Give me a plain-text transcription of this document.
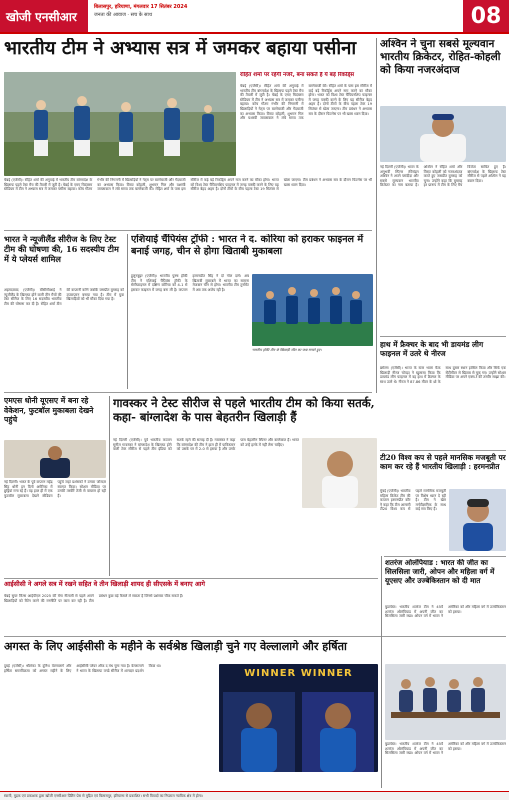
खोजी एनसीआर
बिलासपुर, हरियाणा, मंगलवार 17 सितंबर 2024
जनता की आवाज · सच के साथ	08
भारतीय टीम ने अभ्यास सत्र में जमकर बहाया पसीना
रोहित शर्मा पर रहेगी नजरें, बना सकते हैं ये बड़े रिकॉर्ड्स
चेन्नई (एजेंसी)। रोहित शर्मा की अगुवाई में भारतीय टीम बांग्लादेश के खिलाफ पहले टेस्ट मैच की तैयारी में जुटी है। चेन्नई के एमए चिदंबरम स्टेडियम में टीम ने अभ्यास सत्र में जमकर पसीना बहाया। कोच गौतम गंभीर की निगरानी में खिलाड़ियों ने नेट्स पर बल्लेबाजी और गेंदबाजी का अभ्यास किया। विराट कोहली, शुभमन गिल और यशस्वी जायसवाल ने लंबे समय तक बल्लेबाजी की। रोहित शर्मा के पास इस सीरीज में कई बड़े रिकॉर्ड्स अपने नाम करने का मौका होगा। भारत को विश्व टेस्ट चैंपियनशिप फाइनल में जगह पक्की करने के लिए यह सीरीज बेहद अहम है। दोनों टीमों के बीच पहला टेस्ट 19 सितंबर से खेला जाएगा। टीम प्रबंधन ने अभ्यास सत्र के दौरान फिटनेस पर भी खास ध्यान दिया।
चेन्नई (एजेंसी)। रोहित शर्मा की अगुवाई में भारतीय टीम बांग्लादेश के खिलाफ पहले टेस्ट मैच की तैयारी में जुटी है। चेन्नई के एमए चिदंबरम स्टेडियम में टीम ने अभ्यास सत्र में जमकर पसीना बहाया। कोच गौतम गंभीर की निगरानी में खिलाड़ियों ने नेट्स पर बल्लेबाजी और गेंदबाजी का अभ्यास किया। विराट कोहली, शुभमन गिल और यशस्वी जायसवाल ने लंबे समय तक बल्लेबाजी की। रोहित शर्मा के पास इस सीरीज में कई बड़े रिकॉर्ड्स अपने नाम करने का मौका होगा। भारत को विश्व टेस्ट चैंपियनशिप फाइनल में जगह पक्की करने के लिए यह सीरीज बेहद अहम है। दोनों टीमों के बीच पहला टेस्ट 19 सितंबर से खेला जाएगा। टीम प्रबंधन ने अभ्यास सत्र के दौरान फिटनेस पर भी खास ध्यान दिया।
अश्विन ने चुना सबसे मूल्यवान भारतीय क्रिकेटर, रोहित-कोहली को किया नजरअंदाज
नई दिल्ली (एजेंसी)। भारत के अनुभवी स्पिनर रविचंद्रन अश्विन ने अपने पसंदीदा और सबसे मूल्यवान भारतीय क्रिकेटर का नाम बताया है। अश्विन ने रोहित शर्मा और विराट कोहली को नजरअंदाज करते हुए जसप्रीत बुमराह को चुना। उन्होंने कहा कि बुमराह हर प्रारूप में टीम के लिए मैच विजेता साबित हुए हैं। बांग्लादेश के खिलाफ टेस्ट सीरीज से पहले अश्विन ने यह बयान दिया।
भारत ने न्यूजीलैंड सीरीज के लिए टेस्ट टीम की घोषणा की, 16 सदस्यीय टीम में ये प्लेयर्स शामिल
अहमदाबाद (एजेंसी)। बीसीसीआई ने न्यूजीलैंड के खिलाफ होने वाली तीन मैचों की टेस्ट सीरीज के लिए 16 सदस्यीय भारतीय टीम की घोषणा कर दी है। रोहित शर्मा टीम की कप्तानी करेंगे जबकि जसप्रीत बुमराह को उपकप्तान बनाया गया है। टीम में युवा खिलाड़ियों को भी मौका दिया गया है।
एशियाई चैंपियंस ट्रॉफी : भारत ने द. कोरिया को हराकर फाइनल में बनाई जगह, चीन से होगा खिताबी मुकाबला
हुलुनबुइर (एजेंसी)। भारतीय पुरुष हॉकी टीम ने एशियाई चैंपियंस ट्रॉफी के सेमीफाइनल में दक्षिण कोरिया को 4-1 से हराकर फाइनल में जगह बना ली है। कप्तान हरमनप्रीत सिंह ने दो गोल दागे। अब खिताबी मुकाबले में भारत का सामना मेजबान चीन से होगा। भारतीय टीम टूर्नामेंट में अब तक अजेय रही है।
भारतीय हॉकी टीम के खिलाड़ी जीत का जश्न मनाते हुए।
हाथ में फ्रैक्चर के बाद भी डायमंड लीग फाइनल में उतरे थे नीरज
ब्रसेल्स (एजेंसी)। भारत के स्टार भाला फेंक खिलाड़ी नीरज चोपड़ा ने खुलासा किया कि डायमंड लीग फाइनल में वह हाथ में फ्रैक्चर के साथ उतरे थे। नीरज ने 87.86 मीटर के थ्रो के साथ दूसरा स्थान हासिल किया और सिर्फ एक सेंटीमीटर से खिताब से चूक गए। उन्होंने सोशल मीडिया पर अपने एक्स-रे की तस्वीर साझा की।
एमएस धोनी यूएसए में बना रहे वेकेशन, फुटबॉल मुकाबला देखने पहुंचे
नई दिल्ली। भारत के पूर्व कप्तान महेंद्र सिंह धोनी इन दिनों अमेरिका में छुट्टियां मना रहे हैं। वह हाल ही में एक फुटबॉल मुकाबला देखने स्टेडियम पहुंचे जहां प्रशंसकों ने उनका जोरदार स्वागत किया। सोशल मीडिया पर उनकी तस्वीरें तेजी से वायरल हो रही हैं।
गावस्कर ने टेस्ट सीरीज से पहले भारतीय टीम को किया सतर्क, कहा- बांग्लादेश के पास बेहतरीन खिलाड़ी हैं
नई दिल्ली (एजेंसी)। पूर्व भारतीय कप्तान सुनील गावस्कर ने बांग्लादेश के खिलाफ होने वाली टेस्ट सीरीज से पहले टीम इंडिया को सतर्क रहने की सलाह दी है। गावस्कर ने कहा कि बांग्लादेश की टीम ने हाल ही में पाकिस्तान को उसके घर में 2-0 से हराया है और उनके पास बेहतरीन स्पिनर और बल्लेबाज हैं। भारत को उन्हें हल्के में नहीं लेना चाहिए।
टी20 विश्व कप से पहले मानसिक मजबूती पर काम कर रहे हैं भारतीय खिलाड़ी : हरमनप्रीत
मुंबई (एजेंसी)। भारतीय महिला क्रिकेट टीम की कप्तान हरमनप्रीत कौर ने कहा कि टीम आगामी टी20 विश्व कप से पहले मानसिक मजबूती पर विशेष ध्यान दे रही है। टीम ने खेल मनोवैज्ञानिक के साथ कई सत्र किए हैं।
आईसीसी ने अगले सत्र में रखने सहित वे तीन खिलाड़ी शायद ही सीएसके में बनाए आगे
चेन्नई सुपर किंग्स आईपीएल 2025 की मेगा नीलामी से पहले अपने खिलाड़ियों को रिटेन करने की रणनीति पर काम कर रही है। टीम प्रबंधन कुछ बड़े फैसले ले सकता है जिनसे प्रशंसक चौंक सकते हैं।
अगस्त के लिए आईसीसी के महीने के सर्वश्रेष्ठ खिलाड़ी चुने गए वेल्लालागे और हर्षिता
दुबई (एजेंसी)। श्रीलंका के दुनिथ वेल्लालागे और हर्षिता समरविक्रमा को अगस्त महीने के लिए आईसीसी प्लेयर ऑफ द मंथ चुना गया है। वेल्लालागे ने भारत के खिलाफ वनडे सीरीज में शानदार प्रदर्शन किया था।
WINNER WINNER
शतरंज ओलंपियाड : भारत की जीत का सिलसिला जारी, ओपन और महिला वर्ग में यूएसए और उज्बेकिस्तान को दी मात
बुडापेस्ट। भारतीय शतरंज टीम ने 45वें शतरंज ओलंपियाड में अपनी जीत का सिलसिला जारी रखा। ओपन वर्ग में भारत ने अमेरिका को और महिला वर्ग में उज्बेकिस्तान को हराया।
बुडापेस्ट। भारतीय शतरंज टीम ने 45वें शतरंज ओलंपियाड में अपनी जीत का सिलसिला जारी रखा। ओपन वर्ग में भारत ने अमेरिका को और महिला वर्ग में उज्बेकिस्तान को हराया।
स्वामी, मुद्रक एवं प्रकाशक द्वारा खोजी एनसीआर प्रिंटिंग प्रेस से मुद्रित एवं बिलासपुर, हरियाणा से प्रकाशित। सभी विवादों का निपटारा न्यायिक क्षेत्र में होगा।
